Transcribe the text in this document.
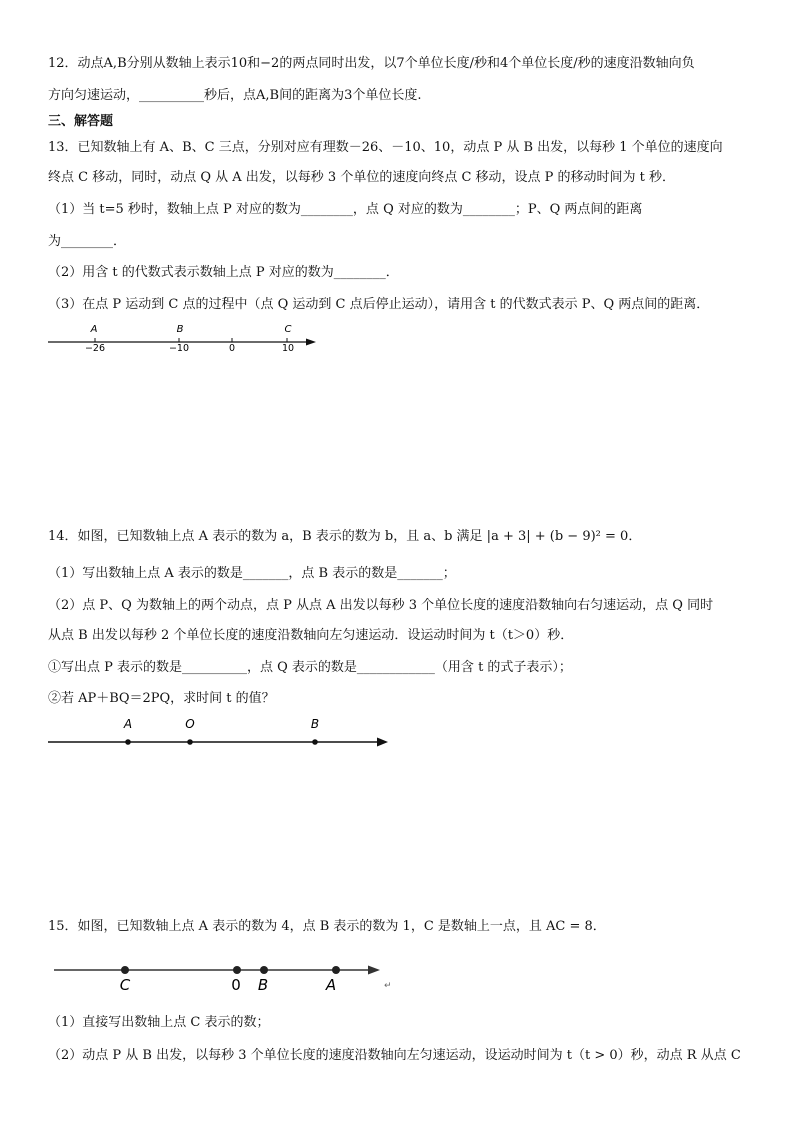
12．动点A,B分别从数轴上表示10和−2的两点同时出发，以7个单位长度/秒和4个单位长度/秒的速度沿数轴向负
方向匀速运动，__________秒后，点A,B间的距离为3个单位长度.
三、解答题
13．已知数轴上有 A、B、C 三点，分别对应有理数－26、－10、10，动点 P 从 B 出发，以每秒 1 个单位的速度向
终点 C 移动，同时，动点 Q 从 A 出发，以每秒 3 个单位的速度向终点 C 移动，设点 P 的移动时间为 t 秒．
（1）当 t=5 秒时，数轴上点 P 对应的数为________，点 Q 对应的数为________；P、Q 两点间的距离
为________．
（2）用含 t 的代数式表示数轴上点 P 对应的数为________．
（3）在点 P 运动到 C 点的过程中（点 Q 运动到 C 点后停止运动），请用含 t 的代数式表示 P、Q 两点间的距离．
A	B	C
−26	−10	0	10
14．如图，已知数轴上点 A 表示的数为 a，B 表示的数为 b，且 a、b 满足 |a + 3| + (b − 9)² = 0．
（1）写出数轴上点 A 表示的数是_______，点 B 表示的数是_______；
（2）点 P、Q 为数轴上的两个动点，点 P 从点 A 出发以每秒 3 个单位长度的速度沿数轴向右匀速运动，点 Q 同时
从点 B 出发以每秒 2 个单位长度的速度沿数轴向左匀速运动．设运动时间为 t（t＞0）秒．
①写出点 P 表示的数是__________，点 Q 表示的数是____________（用含 t 的式子表示）；
②若 AP＋BQ＝2PQ，求时间 t 的值？
A	O	B
15．如图，已知数轴上点 A 表示的数为 4，点 B 表示的数为 1，C 是数轴上一点，且 AC = 8．
C	0 B	A	↵
（1）直接写出数轴上点 C 表示的数；
（2）动点 P 从 B 出发，以每秒 3 个单位长度的速度沿数轴向左匀速运动，设运动时间为 t（t > 0）秒，动点 R 从点 C
